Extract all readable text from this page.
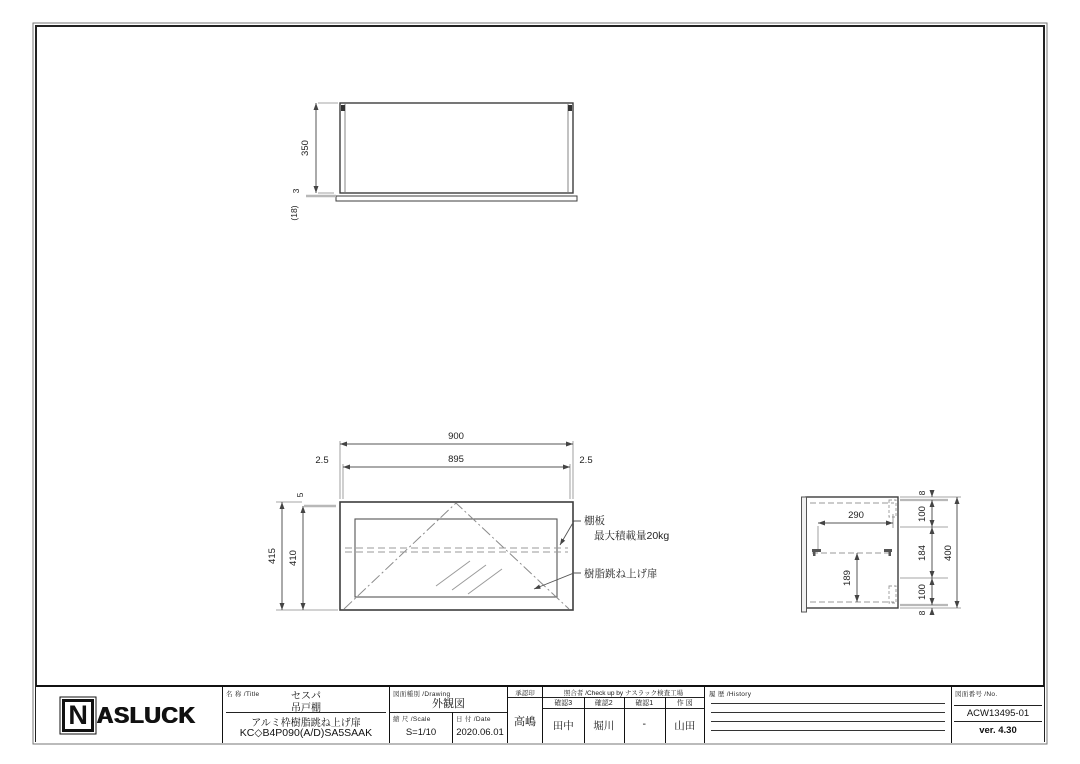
350
3
(18)
棚板
最大積載量20kg
樹脂跳ね上げ扉
900
895
2.5	2.5
415 410
5
290
189
8
100
184
100
8
400
N ASLUCK
名 称 /Title	セスパ
吊戸棚
アルミ枠樹脂跳ね上げ扉
KC◇B4P090(A/D)SA5SAAK
図面種別 /Drawing
外観図
縮 尺 /Scale
S=1/10
日 付 /Date
2020.06.01
承認印
高嶋
照合者 /Check up by ナスラック検査工場
確認3	確認2	確認1	作 図
田中	堀川	-	山田
履 歴 /History	図面番号 /No.
ACW13495-01
ver. 4.30
